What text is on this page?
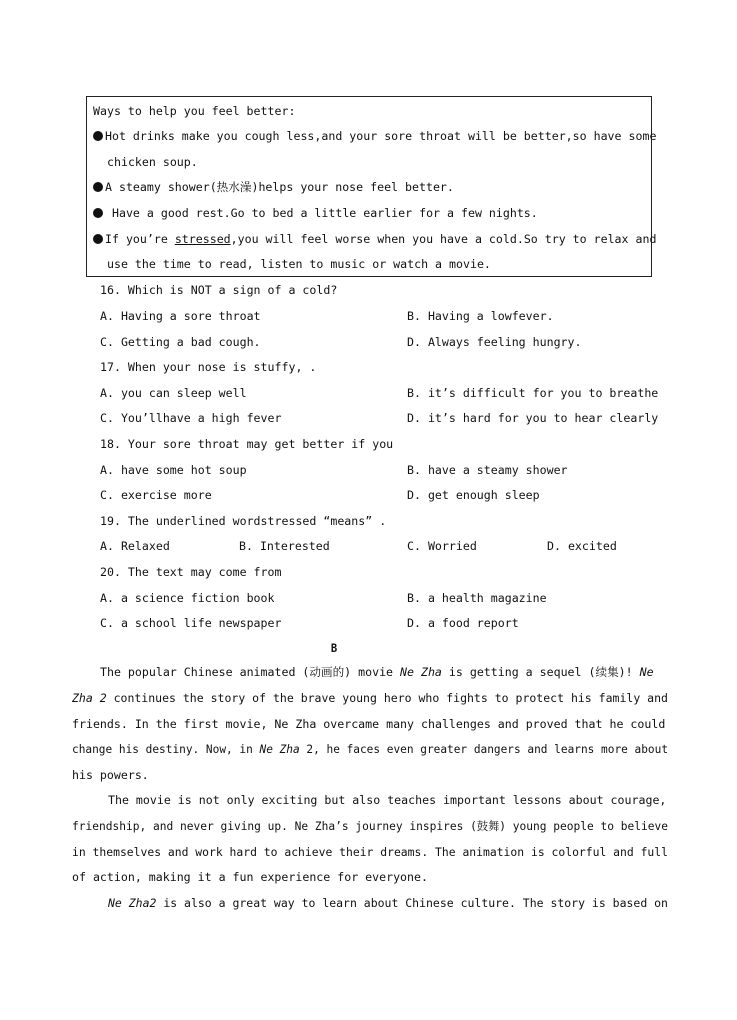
Ways to help you feel better:
Hot drinks make you cough less,and your sore throat will be better,so have some
chicken soup.
A steamy shower(热水澡)helps your nose feel better.
Have a good rest.Go to bed a little earlier for a few nights.
If you’re stressed,you will feel worse when you have a cold.So try to relax and
use the time to read, listen to music or watch a movie.
16. Which is NOT a sign of a cold?
A. Having a sore throat	B. Having a lowfever.
C. Getting a bad cough.	D. Always feeling hungry.
17. When your nose is stuffy, .
A. you can sleep well	B. it’s difficult for you to breathe
C. You’llhave a high fever	D. it’s hard for you to hear clearly
18. Your sore throat may get better if you
A. have some hot soup	B. have a steamy shower
C. exercise more	D. get enough sleep
19. The underlined wordstressed “means” .
A. Relaxed	B. Interested	C. Worried	D. excited
20. The text may come from
A. a science fiction book	B. a health magazine
C. a school life newspaper	D. a food report
B
The popular Chinese animated (动画的) movie Ne Zha is getting a sequel (续集)! Ne
Zha 2 continues the story of the brave young hero who fights to protect his family and
friends. In the first movie, Ne Zha overcame many challenges and proved that he could
change his destiny. Now, in Ne Zha 2, he faces even greater dangers and learns more about
his powers.
The movie is not only exciting but also teaches important lessons about courage,
friendship, and never giving up. Ne Zha’s journey inspires (鼓舞) young people to believe
in themselves and work hard to achieve their dreams. The animation is colorful and full
of action, making it a fun experience for everyone.
Ne Zha2 is also a great way to learn about Chinese culture. The story is based on
